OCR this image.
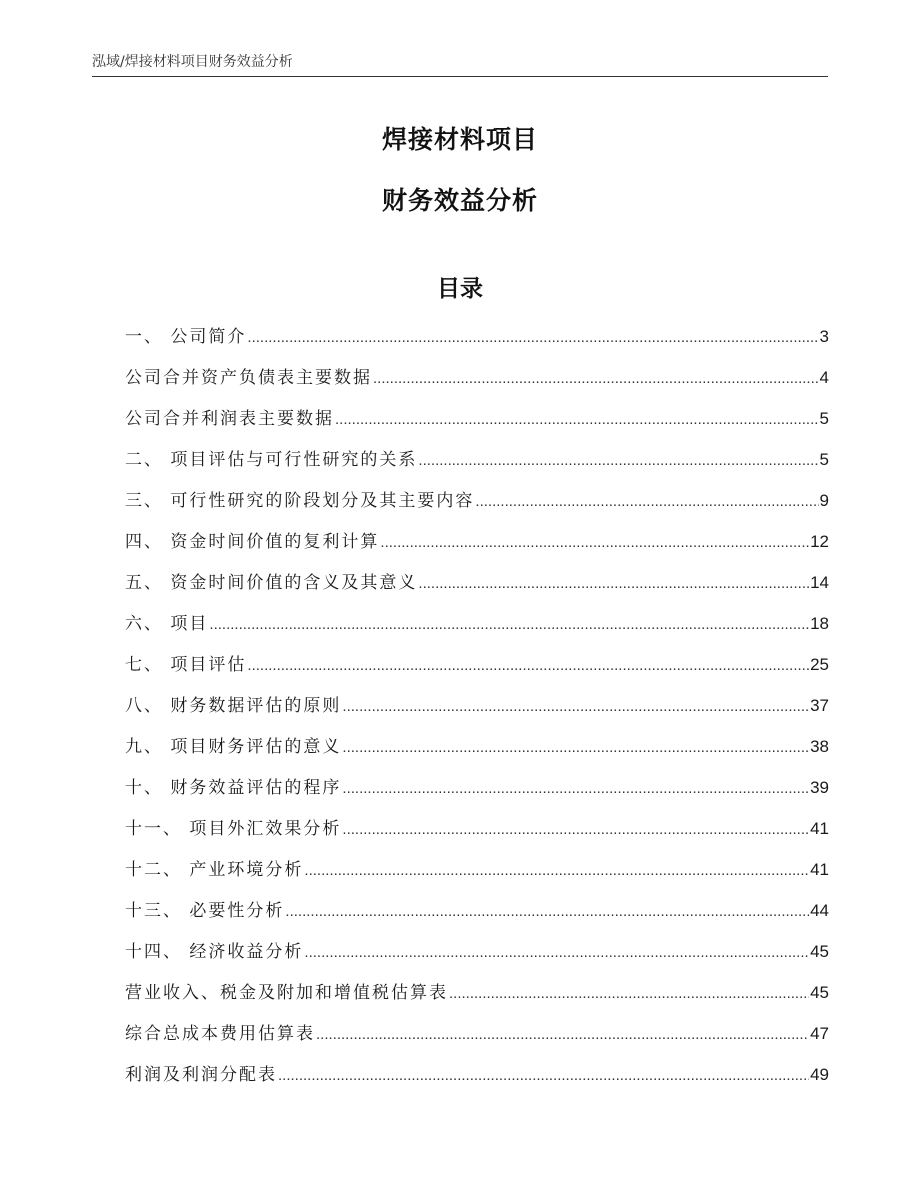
泓域/焊接材料项目财务效益分析
焊接材料项目
财务效益分析
目录
一、 公司简介 .....	3
公司合并资产负债表主要数据 .....	4
公司合并利润表主要数据 .....	5
二、 项目评估与可行性研究的关系 .....	5
三、 可行性研究的阶段划分及其主要内容 .....	9
四、 资金时间价值的复利计算 .....	12
五、 资金时间价值的含义及其意义 .....	14
六、 项目 .....	18
七、 项目评估 .....	25
八、 财务数据评估的原则 .....	37
九、 项目财务评估的意义 .....	38
十、 财务效益评估的程序 .....	39
十一、 项目外汇效果分析 .....	41
十二、 产业环境分析 .....	41
十三、 必要性分析 .....	44
十四、 经济收益分析 .....	45
营业收入、税金及附加和增值税估算表 .....	45
综合总成本费用估算表 .....	47
利润及利润分配表 .....	49
